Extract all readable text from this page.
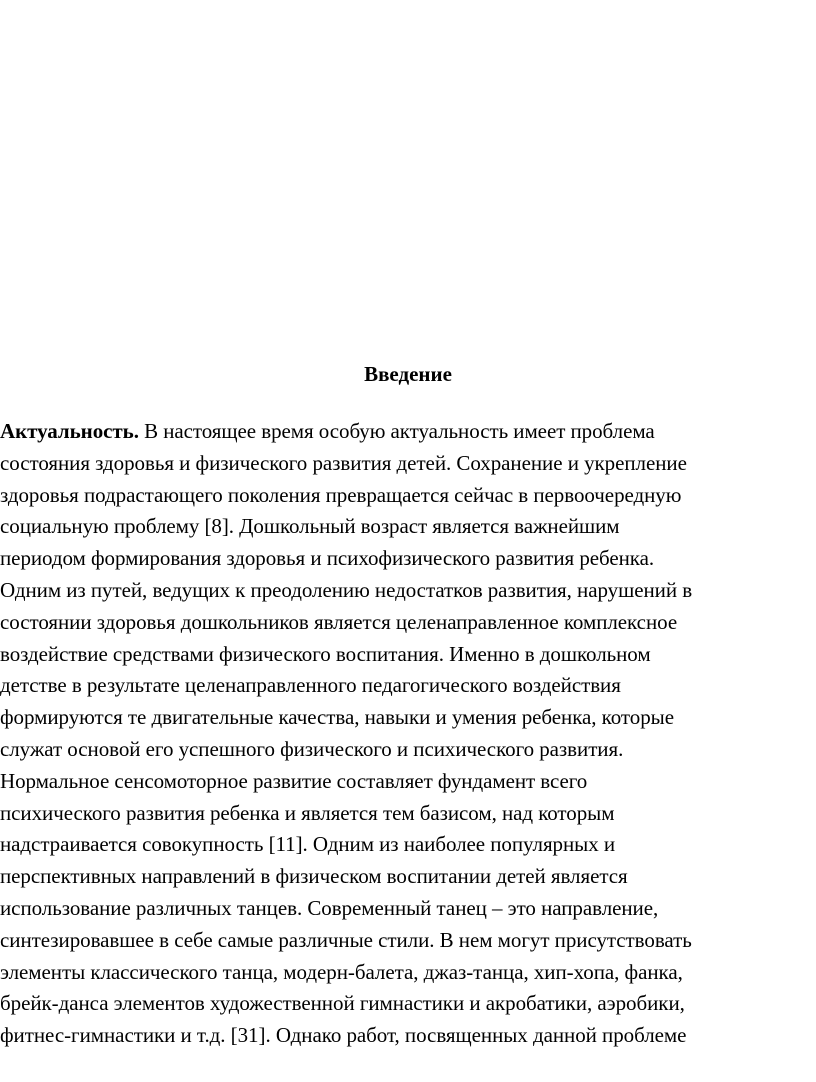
Введение
Актуальность. В настоящее время особую актуальность имеет проблема
состояния здоровья и физического развития детей. Сохранение и укрепление
здоровья подрастающего поколения превращается сейчас в первоочередную
социальную проблему [8]. Дошкольный возраст является важнейшим
периодом формирования здоровья и психофизического развития ребенка.
Одним из путей, ведущих к преодолению недостатков развития, нарушений в
состоянии здоровья дошкольников является целенаправленное комплексное
воздействие средствами физического воспитания. Именно в дошкольном
детстве в результате целенаправленного педагогического воздействия
формируются те двигательные качества, навыки и умения ребенка, которые
служат основой его успешного физического и психического развития.
Нормальное сенсомоторное развитие составляет фундамент всего
психического развития ребенка и является тем базисом, над которым
надстраивается совокупность [11]. Одним из наиболее популярных и
перспективных направлений в физическом воспитании детей является
использование различных танцев. Современный танец – это направление,
синтезировавшее в себе самые различные стили. В нем могут присутствовать
элементы классического танца, модерн-балета, джаз-танца, хип-хопа, фанка,
брейк-данса элементов художественной гимнастики и акробатики, аэробики,
фитнес-гимнастики и т.д. [31]. Однако работ, посвященных данной проблеме
